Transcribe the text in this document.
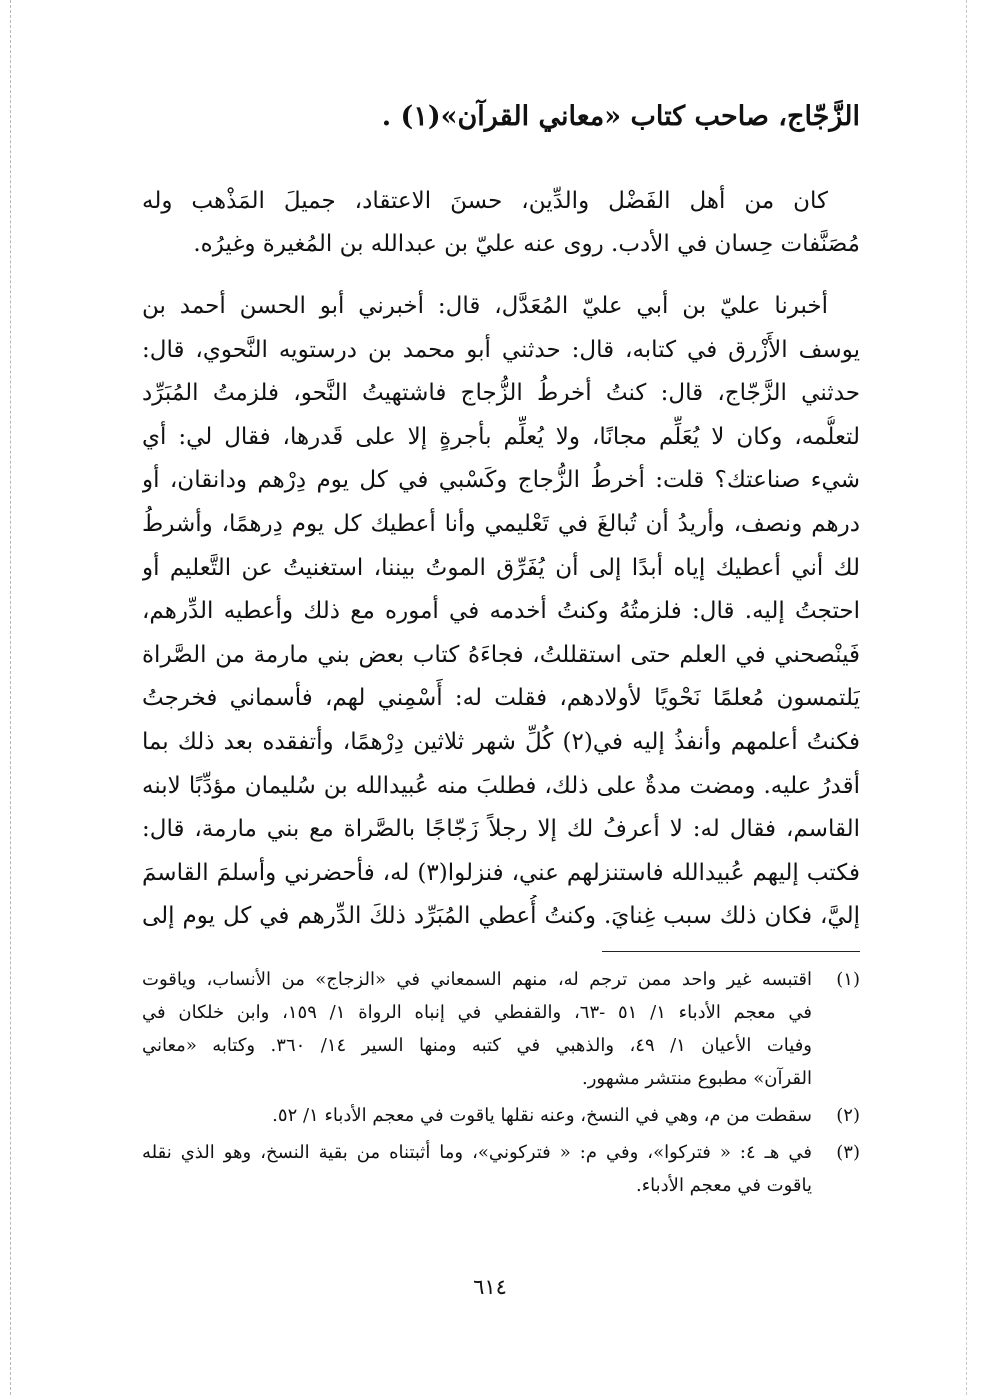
الزَّجّاج، صاحب كتاب «معاني القرآن»(١) .
كان من أهل الفَضْل والدِّين، حسنَ الاعتقاد، جميلَ المَذْهب وله
مُصَنَّفات حِسان في الأدب. روى عنه عليّ بن عبدالله بن المُغيرة وغيرُه.
أخبرنا عليّ بن أبي عليّ المُعَدَّل، قال: أخبرني أبو الحسن أحمد بن
يوسف الأَزْرق في كتابه، قال: حدثني أبو محمد بن درستويه النَّحوي، قال:
حدثني الزَّجّاج، قال: كنتُ أخرطُ الزُّجاج فاشتهيتُ النَّحو، فلزمتُ المُبَرِّد
لتعلُّمه، وكان لا يُعَلِّم مجانًا، ولا يُعلِّم بأجرةٍ إلا على قَدرها، فقال لي: أي
شيء صناعتك؟ قلت: أخرطُ الزُّجاج وكَسْبي في كل يوم دِرْهم ودانقان، أو
درهم ونصف، وأريدُ أن تُبالغَ في تَعْليمي وأنا أعطيك كل يوم دِرهمًا، وأشرطُ
لك أني أعطيك إياه أبدًا إلى أن يُفَرِّق الموتُ بيننا، استغنيتُ عن التَّعليم أو
احتجتُ إليه. قال: فلزمتُهُ وكنتُ أخدمه في أموره مع ذلك وأعطيه الدِّرهم،
فَينْصحني في العلم حتى استقللتُ، فجاءَهُ كتاب بعض بني مارمة من الصَّراة
يَلتمسون مُعلمًا نَحْويًا لأولادهم، فقلت له: أَسْمِني لهم، فأسماني فخرجتُ
فكنتُ أعلمهم وأنفذُ إليه في(٢) كُلِّ شهر ثلاثين دِرْهمًا، وأتفقده بعد ذلك بما
أقدرُ عليه. ومضت مدةٌ على ذلك، فطلبَ منه عُبيدالله بن سُليمان مؤدِّبًا لابنه
القاسم، فقال له: لا أعرفُ لك إلا رجلاً زَجّاجًا بالصَّراة مع بني مارمة، قال:
فكتب إليهم عُبيدالله فاستنزلهم عني، فنزلوا(٣) له، فأحضرني وأسلمَ القاسمَ
إليَّ، فكان ذلك سبب غِنايَ. وكنتُ أُعطي المُبَرِّد ذلكَ الدِّرهم في كل يوم إلى
(١)
اقتبسه غير واحد ممن ترجم له، منهم السمعاني في «الزجاج» من الأنساب، وياقوت
في معجم الأدباء ١/ ٥١ -٦٣، والقفطي في إنباه الرواة ١/ ١٥٩، وابن خلكان في
وفيات الأعيان ١/ ٤٩، والذهبي في كتبه ومنها السير ١٤/ ٣٦٠. وكتابه «معاني
القرآن» مطبوع منتشر مشهور.
(٢)
سقطت من م، وهي في النسخ، وعنه نقلها ياقوت في معجم الأدباء ١/ ٥٢.
(٣)
في هـ ٤: « فتركوا»، وفي م: « فتركوني»، وما أثبتناه من بقية النسخ، وهو الذي نقله
ياقوت في معجم الأدباء.
٦١٤
